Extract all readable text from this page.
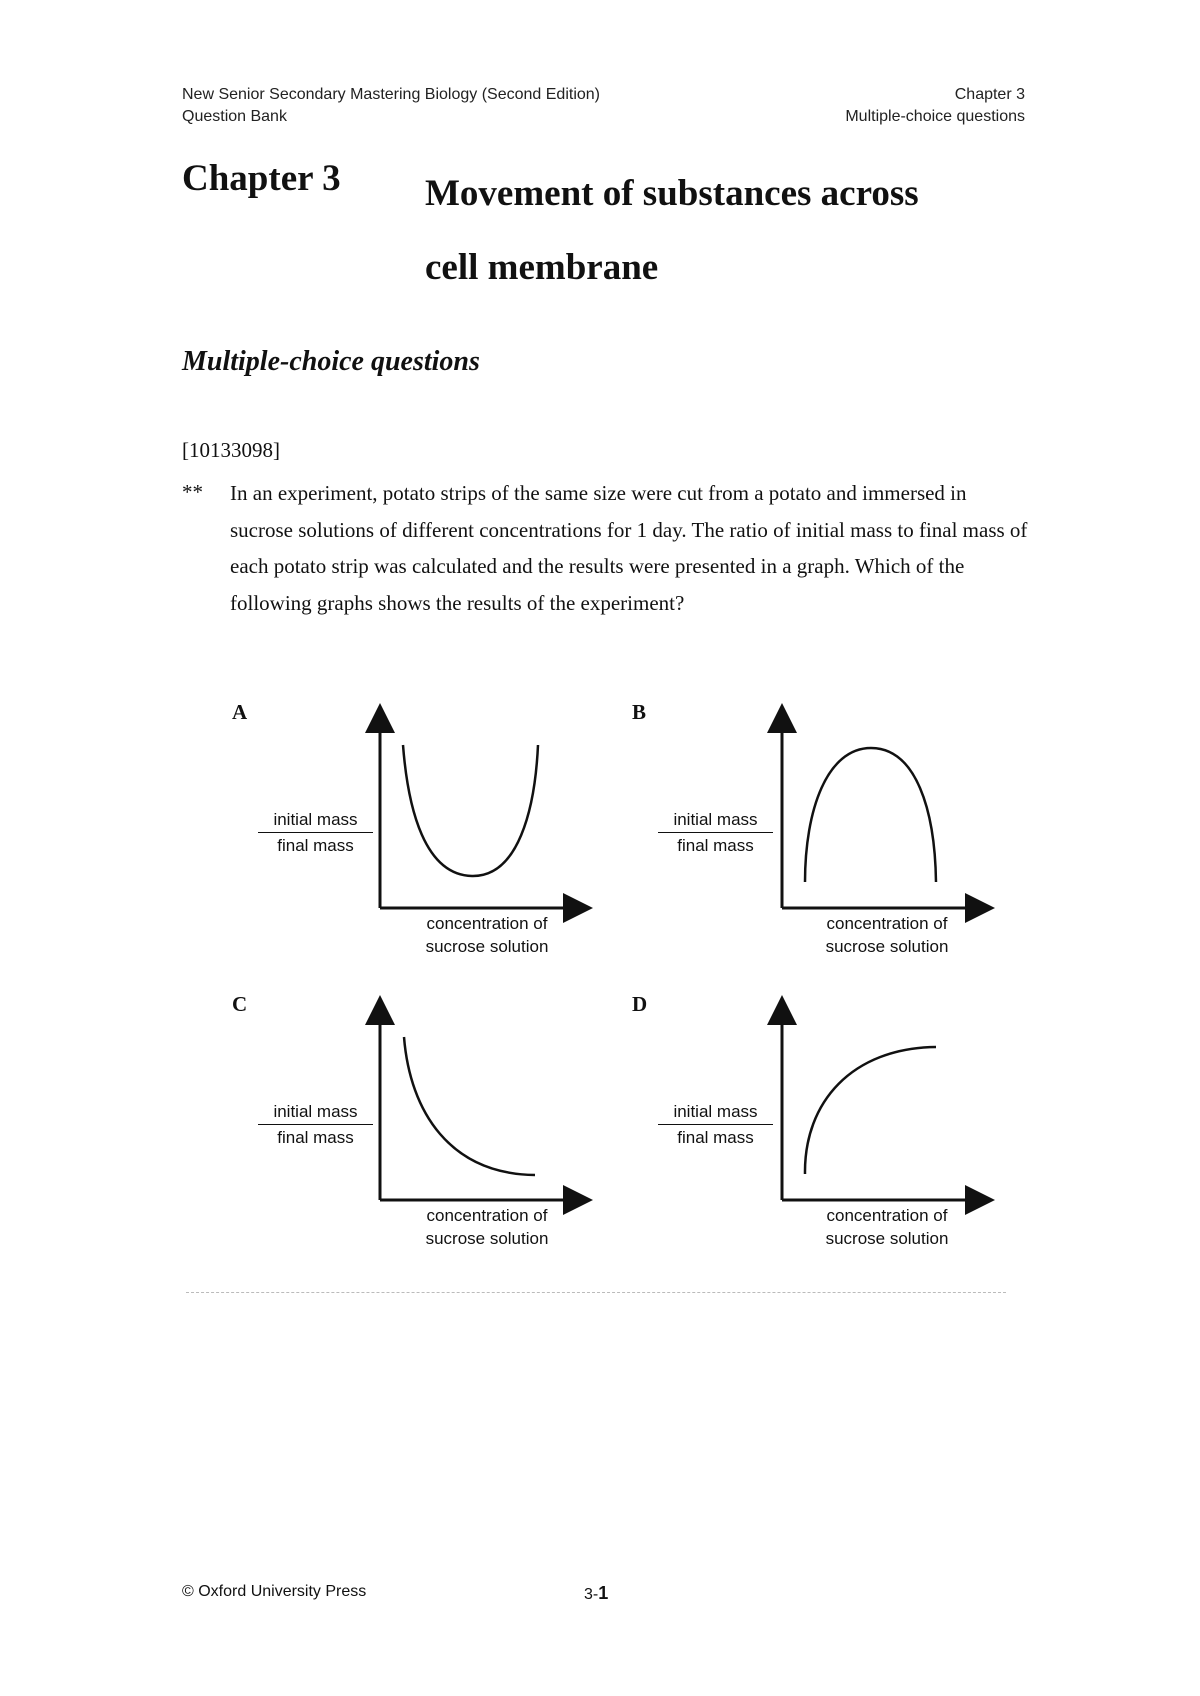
New Senior Secondary Mastering Biology (Second Edition)
Question Bank
Chapter 3
Multiple-choice questions
Chapter 3 Movement of substances across
cell membrane
Multiple-choice questions
[10133098]
** In an experiment, potato strips of the same size were cut from a potato and immersed in sucrose solutions of different concentrations for 1 day. The ratio of initial mass to final mass of each potato strip was calculated and the results were presented in a graph. Which of the following graphs shows the results of the experiment?
A
initial mass
final mass
concentration of
sucrose solution
B
initial mass
final mass
concentration of
sucrose solution
C
initial mass
final mass
concentration of
sucrose solution
D
initial mass
final mass
concentration of
sucrose solution
© Oxford University Press	3-1
